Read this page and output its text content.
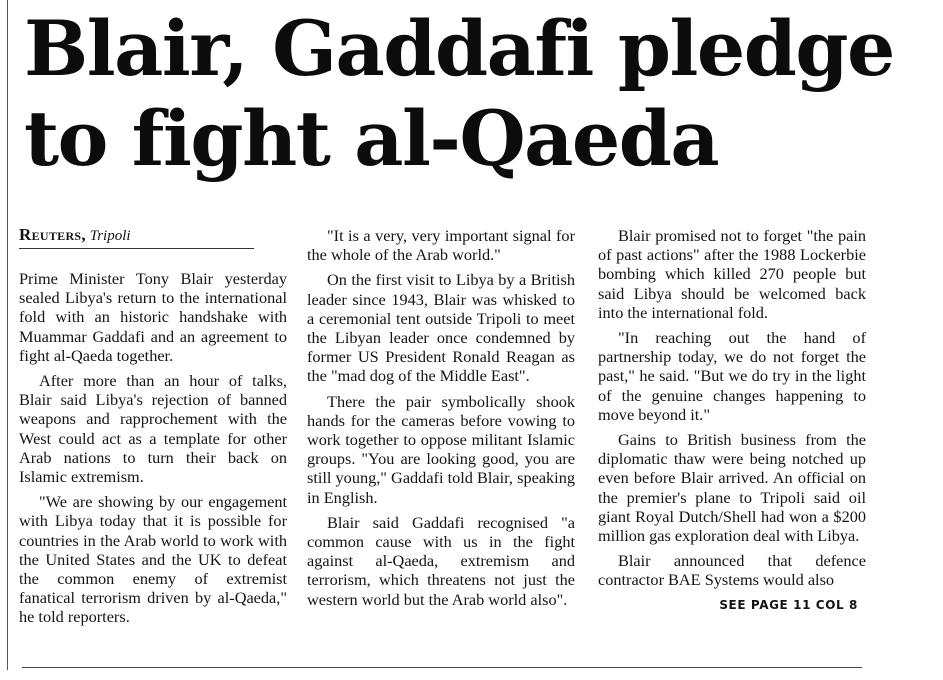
Blair, Gaddafi pledge
to fight al-Qaeda
Reuters, Tripoli

Prime Minister Tony Blair yesterday sealed Libya's return to the international fold with an historic handshake with Muammar Gaddafi and an agreement to fight al-Qaeda together.

After more than an hour of talks, Blair said Libya's rejection of banned weapons and rapprochement with the West could act as a template for other Arab nations to turn their back on Islamic extremism.

"We are showing by our engagement with Libya today that it is possible for countries in the Arab world to work with the United States and the UK to defeat the common enemy of extremist fanatical terrorism driven by al-Qaeda," he told reporters.

"It is a very, very important signal for the whole of the Arab world."

On the first visit to Libya by a British leader since 1943, Blair was whisked to a ceremonial tent outside Tripoli to meet the Libyan leader once condemned by former US President Ronald Reagan as the "mad dog of the Middle East".

There the pair symbolically shook hands for the cameras before vowing to work together to oppose militant Islamic groups. "You are looking good, you are still young," Gaddafi told Blair, speaking in English.

Blair said Gaddafi recognised "a common cause with us in the fight against al-Qaeda, extremism and terrorism, which threatens not just the western world but the Arab world also".

Blair promised not to forget "the pain of past actions" after the 1988 Lockerbie bombing which killed 270 people but said Libya should be welcomed back into the international fold.

"In reaching out the hand of partnership today, we do not forget the past," he said. "But we do try in the light of the genuine changes happening to move beyond it."

Gains to British business from the diplomatic thaw were being notched up even before Blair arrived. An official on the premier's plane to Tripoli said oil giant Royal Dutch/Shell had won a $200 million gas exploration deal with Libya.

Blair announced that defence contractor BAE Systems would also

SEE PAGE 11 COL 8
